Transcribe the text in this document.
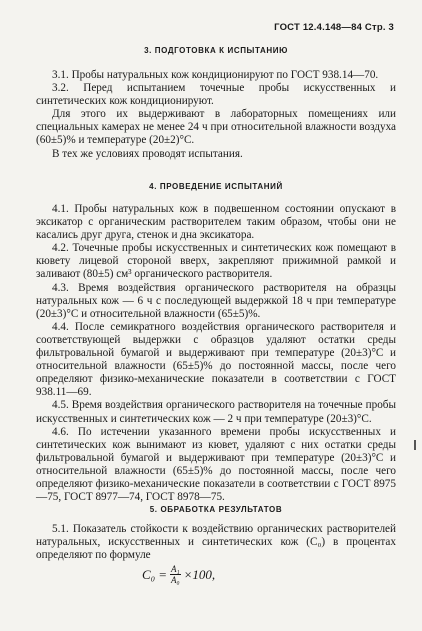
ГОСТ 12.4.148—84 Стр. 3
3. ПОДГОТОВКА К ИСПЫТАНИЮ

3.1. Пробы натуральных кож кондиционируют по ГОСТ 938.14—70.

3.2. Перед испытанием точечные пробы искусственных и синтетических кож кондиционируют.

Для этого их выдерживают в лабораторных помещениях или специальных камерах не менее 24 ч при относительной влажности воздуха (60±5)% и температуре (20±2)°С.

В тех же условиях проводят испытания.

4. ПРОВЕДЕНИЕ ИСПЫТАНИЙ

4.1. Пробы натуральных кож в подвешенном состоянии опускают в эксикатор с органическим растворителем таким образом, чтобы они не касались друг друга, стенок и дна эксикатора.

4.2. Точечные пробы искусственных и синтетических кож помещают в кювету лицевой стороной вверх, закрепляют прижимной рамкой и заливают (80±5) см³ органического растворителя.

4.3. Время воздействия органического растворителя на образцы натуральных кож — 6 ч с последующей выдержкой 18 ч при температуре (20±3)°С и относительной влажности (65±5)%.

4.4. После семикратного воздействия органического растворителя и соответствующей выдержки с образцов удаляют остатки среды фильтровальной бумагой и выдерживают при температуре (20±3)°С и относительной влажности (65±5)% до постоянной массы, после чего определяют физико-механические показатели в соответствии с ГОСТ 938.11—69.

4.5. Время воздействия органического растворителя на точечные пробы искусственных и синтетических кож — 2 ч при температуре (20±3)°С.

4.6. По истечении указанного времени пробы искусственных и синтетических кож вынимают из кювет, удаляют с них остатки среды фильтровальной бумагой и выдерживают при температуре (20±3)°С и относительной влажности (65±5)% до постоянной массы, после чего определяют физико-механические показатели в соответствии с ГОСТ 8975—75, ГОСТ 8977—74, ГОСТ 8978—75.

5. ОБРАБОТКА РЕЗУЛЬТАТОВ

5.1. Показатель стойкости к воздействию органических растворителей натуральных, искусственных и синтетических кож (C₀) в процентах определяют по формуле

$C_0 = \frac{\text{A₁}}{\text{A₀}} \times 100$,
